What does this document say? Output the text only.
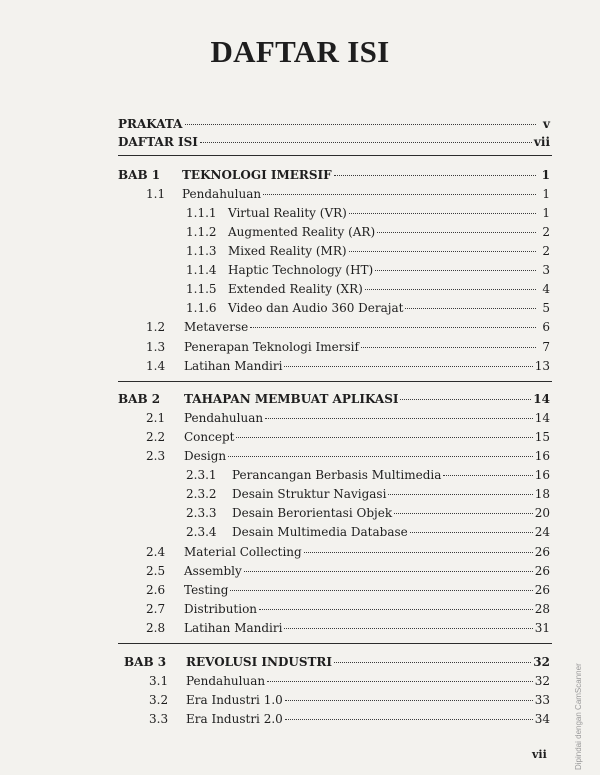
DAFTAR ISI
PRAKATA	v
DAFTAR ISI	vii
BAB 1	TEKNOLOGI IMERSIF	1
1.1	Pendahuluan	1
1.1.1 Virtual Reality (VR)	1
1.1.2 Augmented Reality (AR)	2
1.1.3 Mixed Reality (MR)	2
1.1.4 Haptic Technology (HT)	3
1.1.5 Extended Reality (XR)	4
1.1.6 Video dan Audio 360 Derajat	5
1.2	Metaverse	6
1.3	Penerapan Teknologi Imersif	7
1.4	Latihan Mandiri	13
BAB 2	TAHAPAN MEMBUAT APLIKASI	14
2.1	Pendahuluan	14
2.2	Concept	15
2.3	Design	16
2.3.1	Perancangan Berbasis Multimedia	16
2.3.2	Desain Struktur Navigasi	18
2.3.3	Desain Berorientasi Objek	20
2.3.4	Desain Multimedia Database	24
2.4	Material Collecting	26
2.5	Assembly	26
2.6	Testing	26
2.7	Distribution	28
2.8	Latihan Mandiri	31
BAB 3	REVOLUSI INDUSTRI	32
3.1	Pendahuluan	32
3.2	Era Industri 1.0	33
3.3	Era Industri 2.0	34
vii	Dipindai dengan CamScanner
